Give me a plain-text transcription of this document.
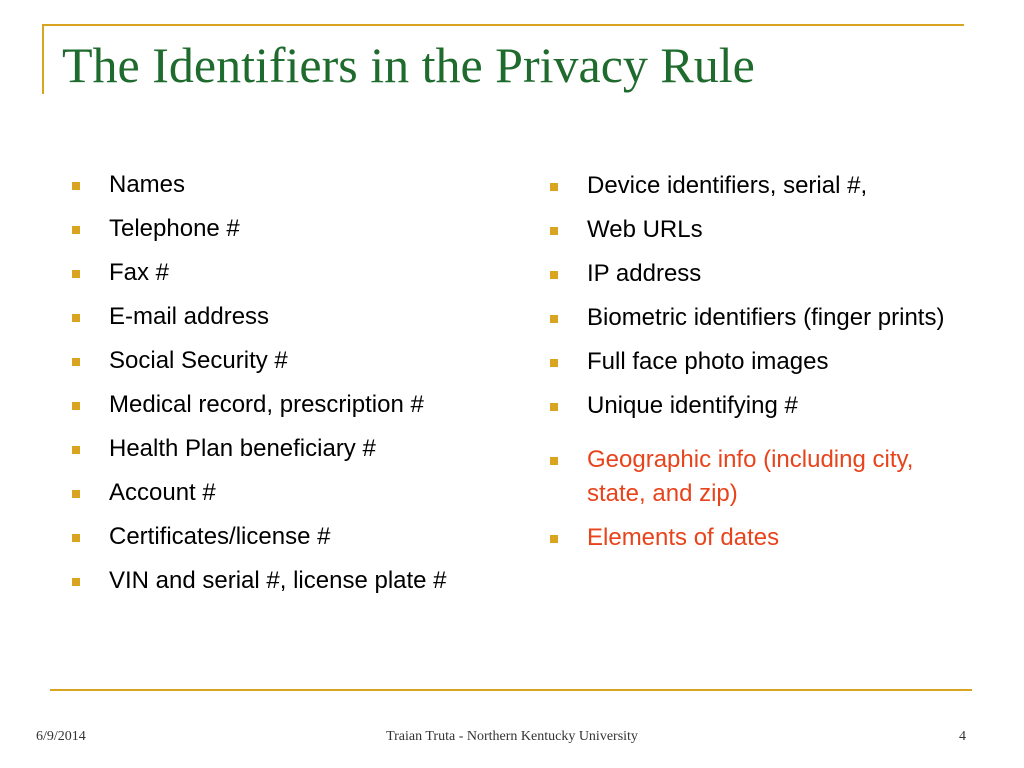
The Identifiers in the Privacy Rule
Names
Telephone #
Fax #
E-mail address
Social Security #
Medical record, prescription #
Health Plan beneficiary #
Account #
Certificates/license #
VIN and serial #, license plate #
Device identifiers, serial #,
Web URLs
IP address
Biometric identifiers (finger prints)
Full face photo images
Unique identifying #
Geographic info (including city, state, and zip)
Elements of dates
6/9/2014	Traian Truta - Northern Kentucky University	4
